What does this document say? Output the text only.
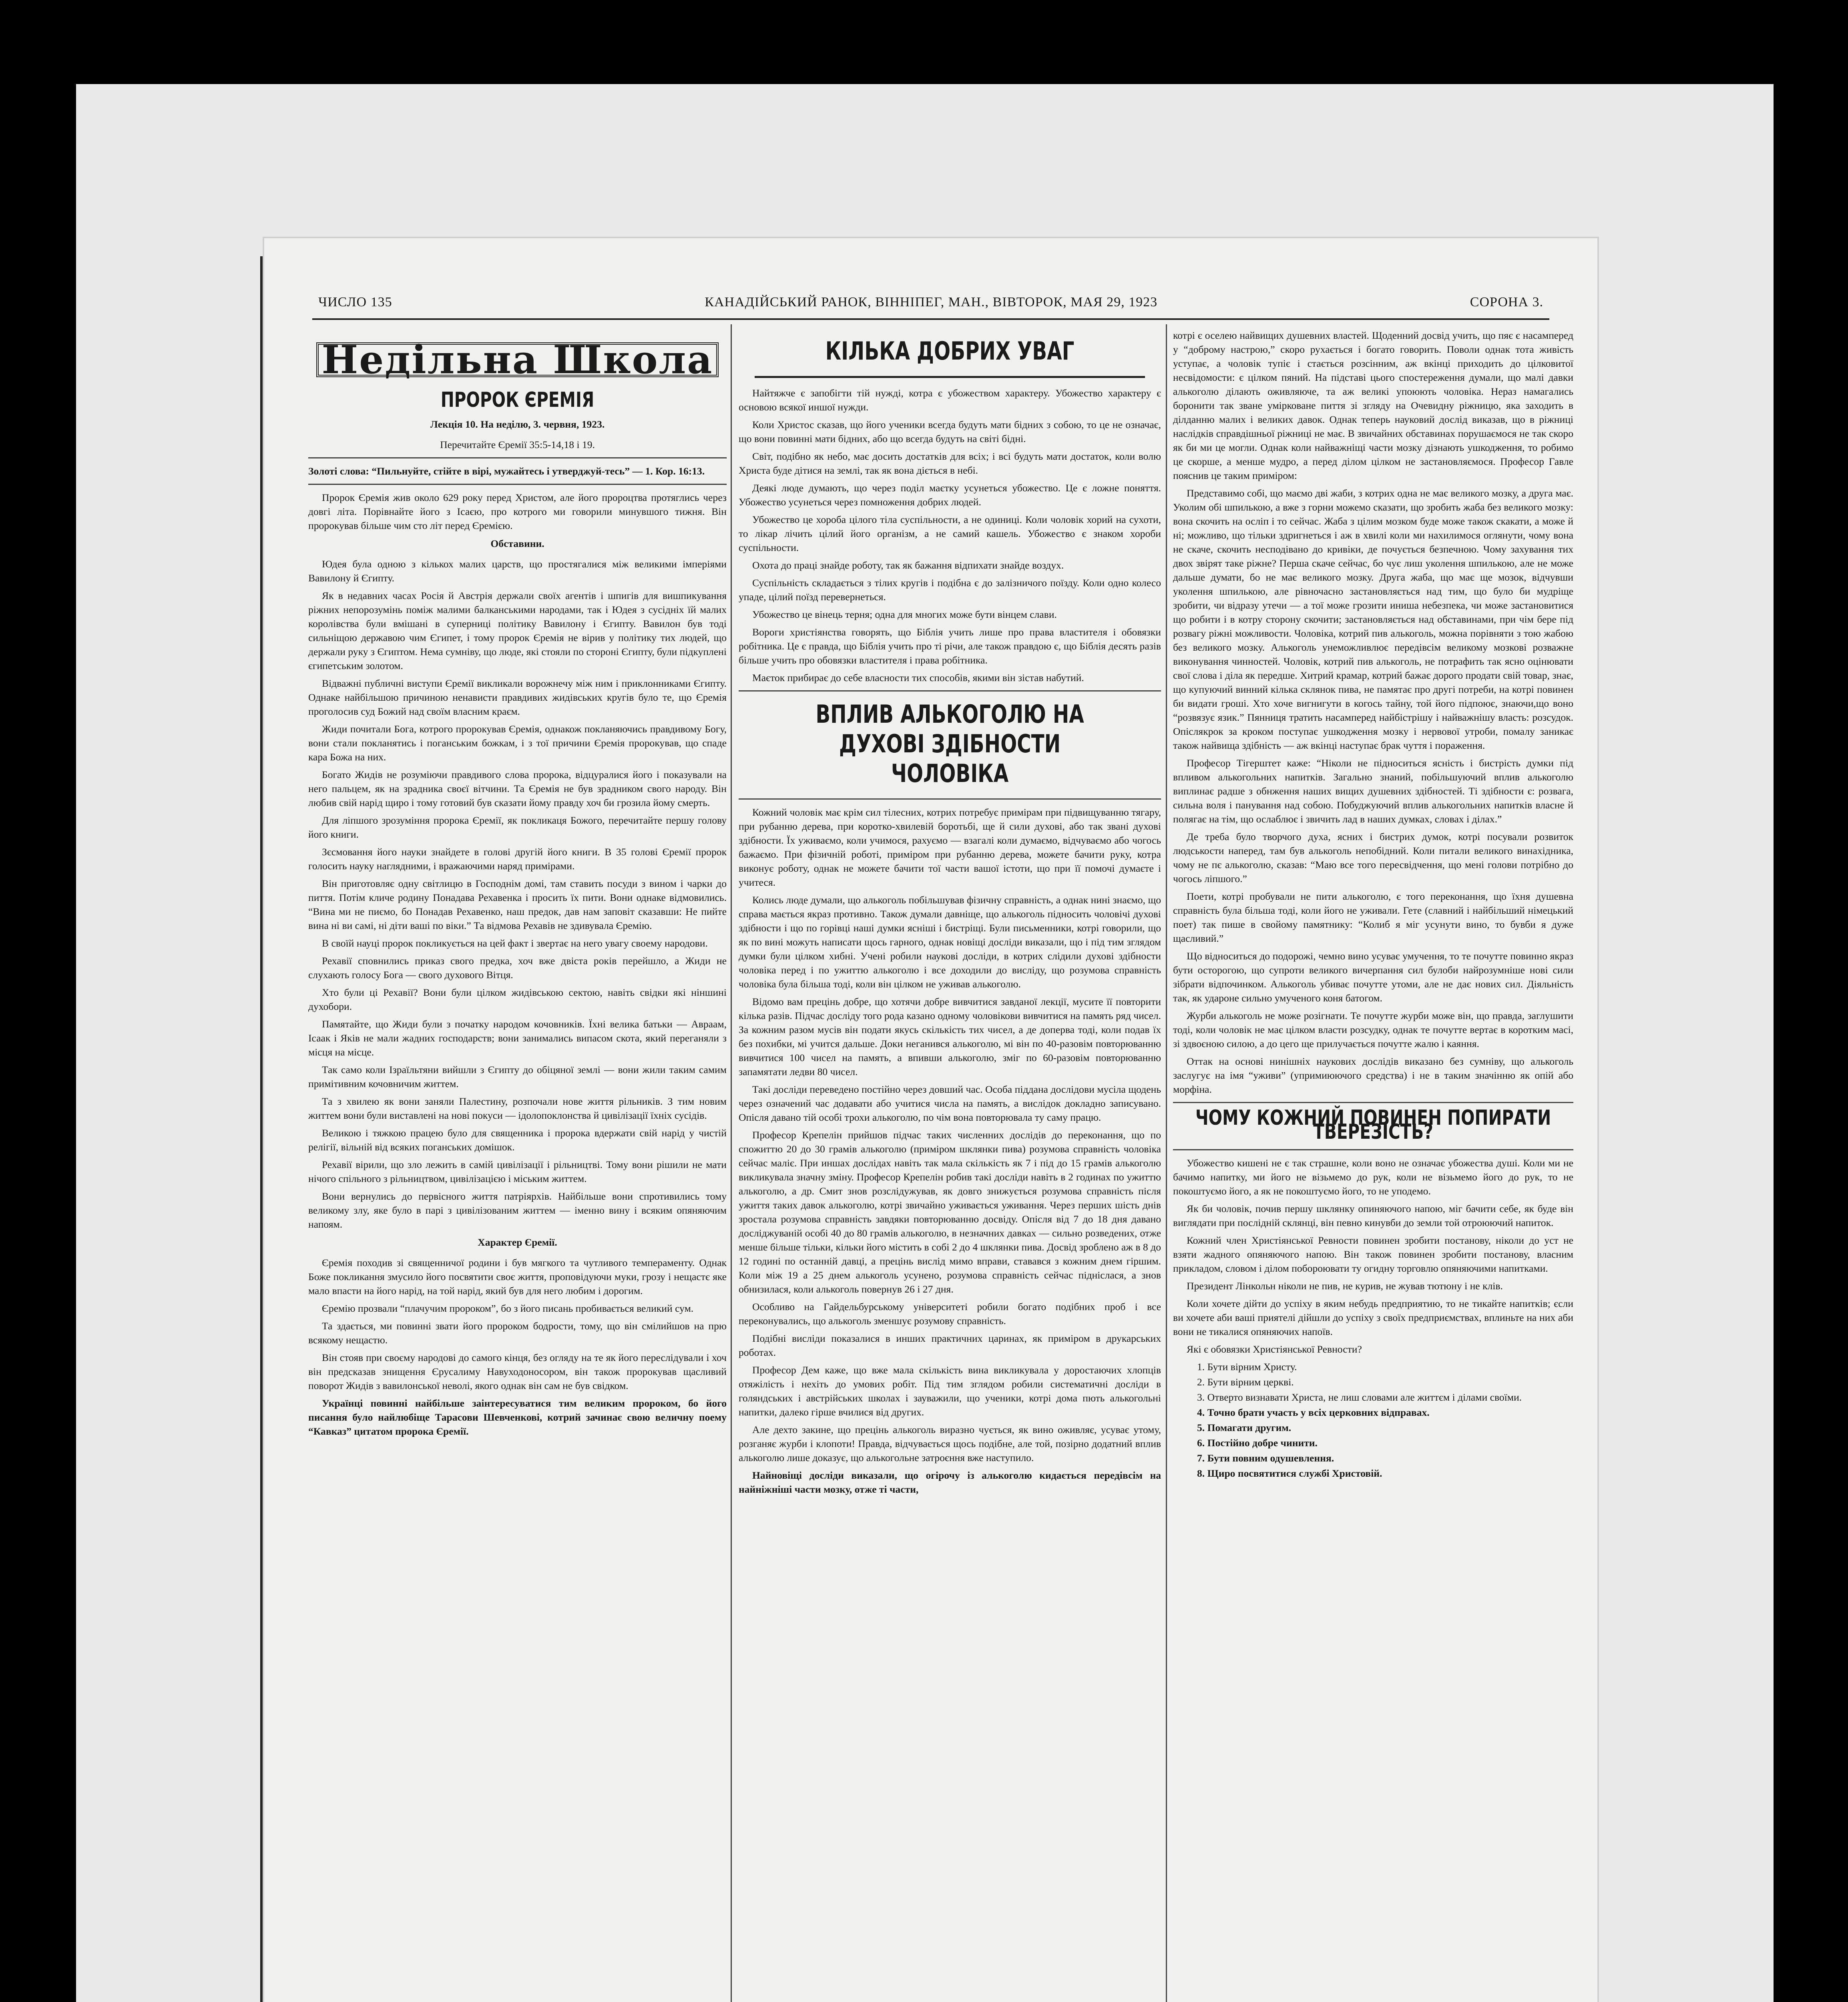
ЧИСЛО 135	КАНАДІЙСЬКИЙ РАНОК, ВІННІПЕГ, МАН., ВІВТОРОК, МАЯ 29, 1923	СОРОНА 3.
Недільна Школа
ПРОРОК ЄРЕМІЯ
Лекція 10. На неділю, 3. червня, 1923.
Перечитайте Єремії 35:5-14,18 і 19.

Золоті слова: “Пильнуйте, стійте в вірі, мужайтесь і утверджуй-тесь” — 1. Кор. 16:13.

Пророк Єремія жив около 629 року перед Христом, але його пророцтва протяглись через довгі літа. Порівнайте його з Ісаєю, про котрого ми говорили минувшого тижня. Він пророкував більше чим сто літ перед Єремією.

Обставини.

Юдея була одною з кількох малих царств, що простягалися між великими імперіями Вавилону й Єгипту.

Як в недавних часах Росія й Австрія держали своїх агентів і шпигів для вишпикування ріжних непорозумінь поміж малими балканськими народами, так і Юдея з сусідніх їй малих королівства були вмішані в суперниці політику Вавилону і Єгипту. Вавилон був тоді сильніщою державою чим Єгипет, і тому пророк Єремія не вірив у політику тих людей, що держали руку з Єгиптом. Нема сумніву, що люде, які стояли по стороні Єгипту, були підкуплені єгипетським золотом.

Відважні публичні виступи Єремії викликали ворожнечу між ним і приклонниками Єгипту. Однаке найбільшою причиною ненависти правдивих жидівських кругів було те, що Єремія проголосив суд Божий над своїм власним краєм.

Жиди почитали Бога, котрого пророкував Єремія, однакож покланяючись правдивому Богу, вони стали покланятись і поганським божкам, і з тої причини Єремія пророкував, що спаде кара Божа на них.

Богато Жидів не розуміючи правдивого слова пророка, відцуралися його і показували на него пальцем, як на зрадника своєї вітчини. Та Єремія не був зрадником свого народу. Він любив свій нарід щиро і тому готовий був сказати йому правду хоч би грозила йому смерть.

Для ліпшого зрозуміння пророка Єремії, як покликаця Божого, перечитайте першу голову його книги.

Зєсмовання його науки знайдете в голові другій його книги. В 35 голові Єремії пророк голосить науку наглядними, і вражаючими наряд примірами.

Він приготовляє одну світлицю в Господнім домі, там ставить посуди з вином і чарки до пиття. Потім кличе родину Понадава Рехавенка і просить їх пити. Вони однаке відмовились. “Вина ми не пиємо, бо Понадав Рехавенко, наш предок, дав нам заповіт сказавши: Не пийте вина ні ви самі, ні діти ваші по віки.” Та відмова Рехавів не здивувала Єремію.

В своїй науці пророк покликується на цей факт і звертає на него увагу своему народови.

Рехавії сповнились приказ свого предка, хоч вже двіста років перейшло, а Жиди не слухають голосу Бога — свого духового Вітця.

Хто були ці Рехавії? Вони були цілком жидівською сектою, навіть свідки які ніншині духобори.

Памятайте, що Жиди були з початку народом кочовників. Їхні велика батьки — Авраам, Ісаак і Яків не мали жадних господарств; вони занимались випасом скота, який переганяли з місця на місце.

Так само коли Ізраїльтяни вийшли з Єгипту до обіцяної землі — вони жили таким самим примітивним кочовничим життем.

Та з хвилею як вони заняли Палестину, розпочали нове життя рільників. З тим новим життем вони були виставлені на нові покуси — ідолопоклонства й цивілізації їхніх сусідів.

Великою і тяжкою працею було для священника і пророка вдержати свій нарід у чистій релігії, вільній від всяких поганських домішок.

Рехавії вірили, що зло лежить в самій цивілізації і рільництві. Тому вони рішили не мати нічого спільного з рільництвом, цивілізацією і міським життем.

Вони вернулись до первісного життя патріярхів. Найбільше вони спротивились тому великому злу, яке було в парі з цивілізованим життем — іменно вину і всяким опяняючим напоям.

Характер Єремії.

Єремія походив зі священничої родини і був мягкого та чутливого темпераменту. Однак Боже покликання змусило його посвятити своє життя, проповідуючи муки, грозу і нещастє яке мало впасти на його нарід, на той нарід, який був для него любим і дорогим.

Єремію прозвали “плачучим пророком”, бо з його писань пробивається великий сум.

Та здається, ми повинні звати його пророком бодрости, тому, що він смілийшов на прю всякому нещастю.

Він стояв при своєму народові до самого кінця, без огляду на те як його переслідували і хоч він предсказав знищення Єрусалиму Навуходоносором, він також пророкував щасливий поворот Жидів з вавилонської неволі, якого однак він сам не був свідком.

Українці повинні найбільше заінтересуватися тим великим пророком, бо його писання було найлюбіще Тарасови Шевченкові, котрий зачинає свою величну поему “Кавказ” цитатом пророка Єремії.

КІЛЬКА ДОБРИХ УВАГ

Найтяжче є запобігти тій нужді, котра є убожеством характеру. Убожество характеру є основою всякої иншої нужди.

Коли Христос сказав, що його ученики всегда будуть мати бідних з собою, то це не означає, що вони повинні мати бідних, або що всегда будуть на світі бідні.

Світ, подібно як небо, має досить достатків для всіх; і всі будуть мати достаток, коли волю Христа буде дітися на землі, так як вона діється в небі.

Деякі люде думають, що через поділ маєтку усунеться убожество. Це є ложне поняття. Убожество усунеться через помноження добрих людей.

Убожество це хороба цілого тіла суспільности, а не одиниці. Коли чоловік хорий на сухоти, то лікар лічить цілий його організм, а не самий кашель. Убожество є знаком хороби суспільности.

Охота до праці знайде роботу, так як бажання відпихати знайде воздух.

Суспільність складається з тілих кругів і подібна є до залізничого поїзду. Коли одно колесо упаде, цілий поїзд перевернеться.

Убожество це вінець терня; одна для многих може бути вінцем слави.

Вороги христіянства говорять, що Біблія учить лише про права властителя і обовязки робітника. Це є правда, що Біблія учить про ті річи, але також правдою є, що Біблія десять разів більше учить про обовязки властителя і права робітника.

Маєток прибирає до себе власности тих способів, якими він зістав набутий.

ВПЛИВ АЛЬКОГОЛЮ НА ДУХОВІ ЗДІБНОСТИ ЧОЛОВІКА

Кожний чоловік має крім сил тілесних, котрих потребує примірам при підвищуванню тягару, при рубанню дерева, при коротко-хвилевій боротьбі, ще й сили духові, або так звані духові здібности. Їх уживаємо, коли учимося, рахуємо — взагалі коли думаємо, відчуваємо або чогось бажаємо. При фізичній роботі, приміром при рубанню дерева, можете бачити руку, котра виконує роботу, однак не можете бачити тої части вашої істоти, що при її помочі думаєте і учитеся.

Колись люде думали, що алькоголь побільшував фізичну справність, а однак нині знаємо, що справа мається якраз противно. Також думали давніще, що алькоголь підносить чоловічі духові здібности і що по горівці наші думки ясніші і бистріщі. Були письменники, котрі говорили, що як по вині можуть написати щось гарного, однак новіщі досліди виказали, що і під тим зглядом думки були цілком хибні. Учені робили наукові досліди, в котрих слідили духові здібности чоловіка перед і по ужиттю алькоголю і все доходили до висліду, що розумова справність чоловіка була більша тоді, коли він цілком не уживав алькоголю.

Відомо вам прецінь добре, що хотячи добре вивчитися завданої лекції, мусите її повторити кілька разів. Підчас досліду того рода казано одному чоловікови вивчитися на память ряд чисел. За кожним разом мусів він подати якусь скількість тих чисел, а де доперва тоді, коли подав їх без похибки, мі учится дальше. Доки неганився алькоголю, мі він по 40-разовім повторюванню вивчитися 100 чисел на память, а впивши алькоголю, зміг по 60-разовім повторюванню запамятати ледви 80 чисел.

Такі досліди переведено постійно через довший час. Особа піддана дослідови мусіла щодень через означений час додавати або учитися числа на память, а вислідок докладно записувано. Опісля давано тій особі трохи алькоголю, по чім вона повторювала ту саму працю.

Професор Крепелін прийшов підчас таких численних дослідів до переконання, що по спожиттю 20 до 30 грамів алькоголю (приміром шклянки пива) розумова справність чоловіка сейчас маліє. При иншах дослідах навіть так мала скількість як 7 і під до 15 грамів алькоголю викликувала значну зміну. Професор Крепелін робив такі досліди навіть в 2 годинах по ужиттю алькоголю, а др. Смит знов розслідужував, як довго знижується розумова справність після ужиття таких давок алькоголю, котрі звичайно уживається уживання. Через перших шість днів зростала розумова справність завдяки повторюванню досвіду. Опісля від 7 до 18 дня давано досліджуваній особі 40 до 80 грамів алькоголю, в незначних давках — сильно розведених, отже менше більше тільки, кільки його містить в собі 2 до 4 шклянки пива. Досвід зроблено аж в 8 до 12 годині по останній давці, а прецінь вислід мимо вправи, ставався з кожним днем гіршим. Коли між 19 а 25 днем алькоголь усунено, розумова справність сейчас підніслася, а знов обнизилася, коли алькоголь повернув 26 і 27 дня.

Особливо на Гайдельбурському університеті робили богато подібних проб і все переконувались, що алькоголь зменшує розумову справність.

Подібні висліди показалися в инших практичних царинах, як приміром в друкарських роботах.

Професор Дем каже, що вже мала скількість вина викликувала у доростаючих хлопців отяжілість і нехіть до умових робіт. Під тим зглядом робили систематичні досліди в голяндських і австрійських школах і зауважили, що ученики, котрі дома пють алькогольні напитки, далеко гірше вчилися від других.

Але дехто закине, що прецінь алькоголь виразно чується, як вино оживляє, усуває утому, розганяє журби і клопоти! Правда, відчувається щось подібне, але той, позірно додатний вплив алькоголю лише доказує, що алькогольне затроєння вже наступило.

Найновіщі досліди виказали, що огірочу із алькоголю кидається передівсім на найніжніші части мозку, отже ті части,

котрі є оселею найвищих душевних властей. Щоденний досвід учить, що пяє є насамперед у “доброму настрою,” скоро рухається і богато говорить. Поволи однак тота живість уступає, а чоловік тупіє і стається розсінним, аж вкінці приходить до цілковитої несвідомости: є цілком пяний. На підставі цього спостереження думали, що малі давки алькоголю ділають оживляюче, та аж великі упоюють чоловіка. Нераз намагались боронити так зване умірковане пиття зі згляду на Очевидну ріжницю, яка заходить в ділданню малих і великих давок. Однак теперь науковий дослід виказав, що в ріжниці наслідків справдішньої ріжниці не має. В звичайних обставинах порушаємося не так скоро як би ми це могли. Однак коли найважніщі части мозку дізнають ушкодження, то робимо це скорше, а менше мудро, а перед ділом цілком не застановляємося. Професор Гавле пояснив це таким приміром:

Представимо собі, що маємо дві жаби, з котрих одна не має великого мозку, а друга має. Уколим обі шпилькою, а вже з горни можемо сказати, що зробить жаба без великого мозку: вона скочить на осліп і то сейчас. Жаба з цілим мозком буде може також скакати, а може й ні; можливо, що тільки здригнеться і аж в хвилі коли ми нахилимося оглянути, чому вона не скаче, скочить несподівано до кривіки, де почується безпечною. Чому захування тих двох звірят таке ріжне? Перша скаче сейчас, бо чує лиш уколення шпилькою, але не може дальше думати, бо не має великого мозку. Друга жаба, що має ще мозок, відчувши уколення шпилькою, але рівночасно застановляється над тим, що було би мудріще зробити, чи відразу утечи — а тої може грозити иниша небезпека, чи може застановитися що робити і в котру сторону скочити; застановляється над обставинами, при чім бере під розвагу ріжні можливости. Чоловіка, котрий пив алькоголь, можна порівняти з тою жабою без великого мозку. Алькоголь унеможливлює передівсім великому мозкові розважне виконування чинностей. Чоловік, котрий пив алькоголь, не потрафить так ясно оцінювати свої слова і діла як передше. Хитрий крамар, котрий бажає дорого продати свій товар, знає, що купуючий винний кілька склянок пива, не памятає про другі потреби, на котрі повинен би видати гроші. Хто хоче вигнигути в когось тайну, той його підпоює, знаючи,що воно “розвязує язик.” Пянниця тратить насамперед найбістрішу і найважнішу власть: розсудок. Опіслякрок за кроком поступає ушкодження мозку і нервової утроби, помалу заникає також найвища здібність — аж вкінці наступає брак чуття і пораження.

Професор Тігерштет каже: “Ніколи не підноситься ясність і бистрість думки під впливом алькогольних напитків. Загально знаний, побільшуючий вплив алькоголю виплинає радше з обнження наших вищих душевних здібностей. Ті здібности є: розвага, сильна воля і панування над собою. Побуджуючий вплив алькогольних напитків власне й полягає на тім, що ослаблює і звичить лад в наших думках, словах і ділах.”

Де треба було творчого духа, ясних і бистрих думок, котрі посували розвиток людськости наперед, там був алькоголь непобідний. Коли питали великого винахідника, чому не пє алькоголю, сказав: “Маю все того пересвідчення, що мені голови потрібно до чогось ліпшого.”

Поети, котрі пробували не пити алькоголю, є того переконання, що їхня душевна справність була більша тоді, коли його не уживали. Гете (славний і найбільший німецький поет) так пише в свойому памятнику: “Колиб я міг усунути вино, то бувби я дуже щасливий.”

Що відноситься до подорожі, чемно вино усуває умучення, то те почутте повинно якраз бути осторогою, що супроти великого вичерпання сил булоби найрозумніше нові сили зібрати відпочинком. Алькоголь убиває почутте утоми, але не дає нових сил. Діяльність так, як удароне сильно умученого коня батогом.

Журби алькоголь не може розігнати. Те почутте журби може він, що правда, заглушити тоді, коли чоловік не має цілком власти розсудку, однак те почутте вертає в коротким масі, зі здвоєною силою, а до цего ще прилучається почутте жалю і каяння.

Оттак на основі нинішніх наукових дослідів виказано без сумніву, що алькоголь заслугує на імя “уживи” (упримиюючого средства) і не в таким значінню як опій або морфіна.

ЧОМУ КОЖНИЙ ПОВИНЕН ПОПИРАТИ ТВЕРЕЗІСТЬ?

Убожество кишені не є так страшне, коли воно не означає убожества душі. Коли ми не бачимо напитку, ми його не візьмемо до рук, коли не візьмемо його до рук, то не покоштуємо його, а як не покоштуємо його, то не уподемо.

Як би чоловік, почив першу шклянку опиняючого напою, міг бачити себе, як буде він виглядати при послідній склянці, він певно кинувби до земли той отроюючий напиток.

Кожний член Христіянської Ревности повинен зробити постанову, ніколи до уст не взяти жадного опяняючого напою. Він також повинен зробити постанову, власним прикладом, словом і ділом побороювати ту огидну торговлю опяняючими напитками.

Президент Лінкольн ніколи не пив, не курив, не жував тютюну і не клів.

Коли хочете дійти до успіху в яким небудь предприятию, то не тикайте напитків; єсли ви хочете аби ваші приятелі дійшли до успіху з своїх предприємствах, вплиньте на них аби вони не тикалися опяняючих напоїв.

Які є обовязки Христіянської Ревности?

1. Бути вірним Христу.
2. Бути вірним церкві.
3. Отверто визнавати Христа, не лиш словами але життєм і ділами своїми.
4. Точно брати участь у всіх церковних відправах.
5. Помагати другим.
6. Постійно добре чинити.
7. Бути повним одушевлення.
8. Щиро посвятитися службі Христовій.
